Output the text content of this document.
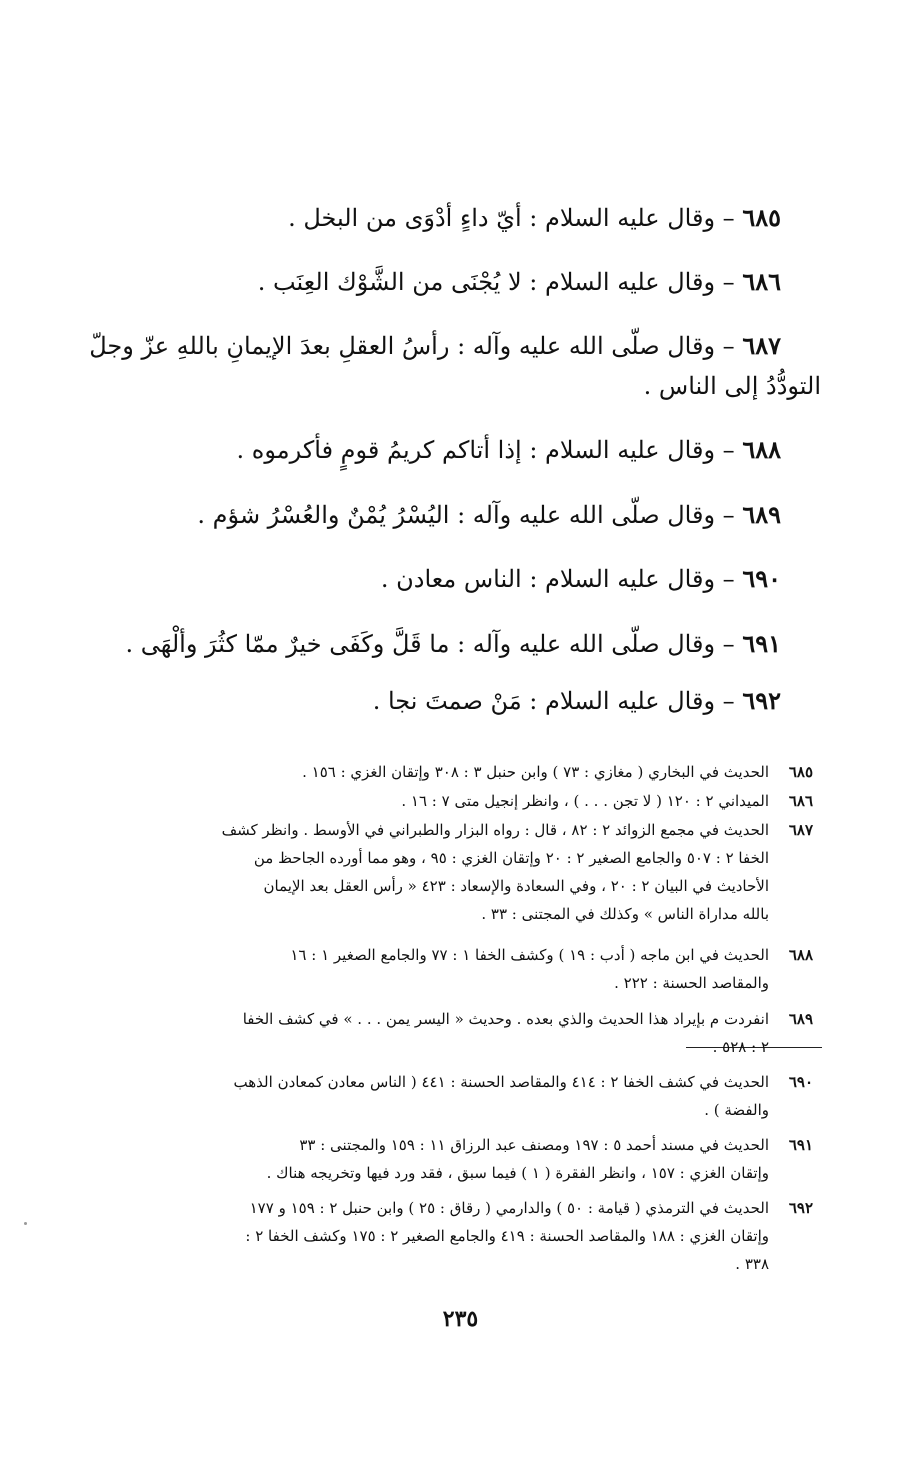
٦٨٥ – وقال عليه السلام : أيّ داءٍ أدْوَى من البخل .
٦٨٦ – وقال عليه السلام : لا يُجْنَى من الشَّوْك العِنَب .
٦٨٧ – وقال صلّى الله عليه وآله : رأسُ العقلِ بعدَ الإيمانِ باللهِ عزّ وجلّ
التودُّدُ إلى الناس .
٦٨٨ – وقال عليه السلام : إذا أتاكم كريمُ قومٍ فأكرموه .
٦٨٩ – وقال صلّى الله عليه وآله : اليُسْرُ يُمْنٌ والعُسْرُ شؤم .
٦٩٠ – وقال عليه السلام : الناس معادن .
٦٩١ – وقال صلّى الله عليه وآله : ما قَلَّ وكَفَى خيرٌ ممّا كثُرَ وألْهَى .
٦٩٢ – وقال عليه السلام : مَنْ صمتَ نجا .
٦٨٥
الحديث في البخاري ( مغازي : ٧٣ ) وابن حنبل ٣ : ٣٠٨ وإتقان الغزي : ١٥٦ .
٦٨٦
الميداني ٢ : ١٢٠ ( لا تجن . . . ) ، وانظر إنجيل متى ٧ : ١٦ .
٦٨٧
الحديث في مجمع الزوائد ٢ : ٨٢ ، قال : رواه البزار والطبراني في الأوسط . وانظر كشف
الخفا ٢ : ٥٠٧ والجامع الصغير ٢ : ٢٠ وإتقان الغزي : ٩٥ ، وهو مما أورده الجاحظ من
الأحاديث في البيان ٢ : ٢٠ ، وفي السعادة والإسعاد : ٤٢٣ « رأس العقل بعد الإيمان
بالله مداراة الناس » وكذلك في المجتنى : ٣٣ .
٦٨٨
الحديث في ابن ماجه ( أدب : ١٩ ) وكشف الخفا ١ : ٧٧ والجامع الصغير ١ : ١٦
والمقاصد الحسنة : ٢٢٢ .
٦٨٩
انفردت م بإيراد هذا الحديث والذي بعده . وحديث « اليسر يمن . . . » في كشف الخفا
٢ : ٥٢٨ .
٦٩٠
الحديث في كشف الخفا ٢ : ٤١٤ والمقاصد الحسنة : ٤٤١ ( الناس معادن كمعادن الذهب
والفضة ) .
٦٩١
الحديث في مسند أحمد ٥ : ١٩٧ ومصنف عبد الرزاق ١١ : ١٥٩ والمجتنى : ٣٣
وإتقان الغزي : ١٥٧ ، وانظر الفقرة ( ١ ) فيما سبق ، فقد ورد فيها وتخريجه هناك .
٦٩٢
الحديث في الترمذي ( قيامة : ٥٠ ) والدارمي ( رقاق : ٢٥ ) وابن حنبل ٢ : ١٥٩ و ١٧٧
وإتقان الغزي : ١٨٨ والمقاصد الحسنة : ٤١٩ والجامع الصغير ٢ : ١٧٥ وكشف الخفا ٢ :
٣٣٨ .
٢٣٥
